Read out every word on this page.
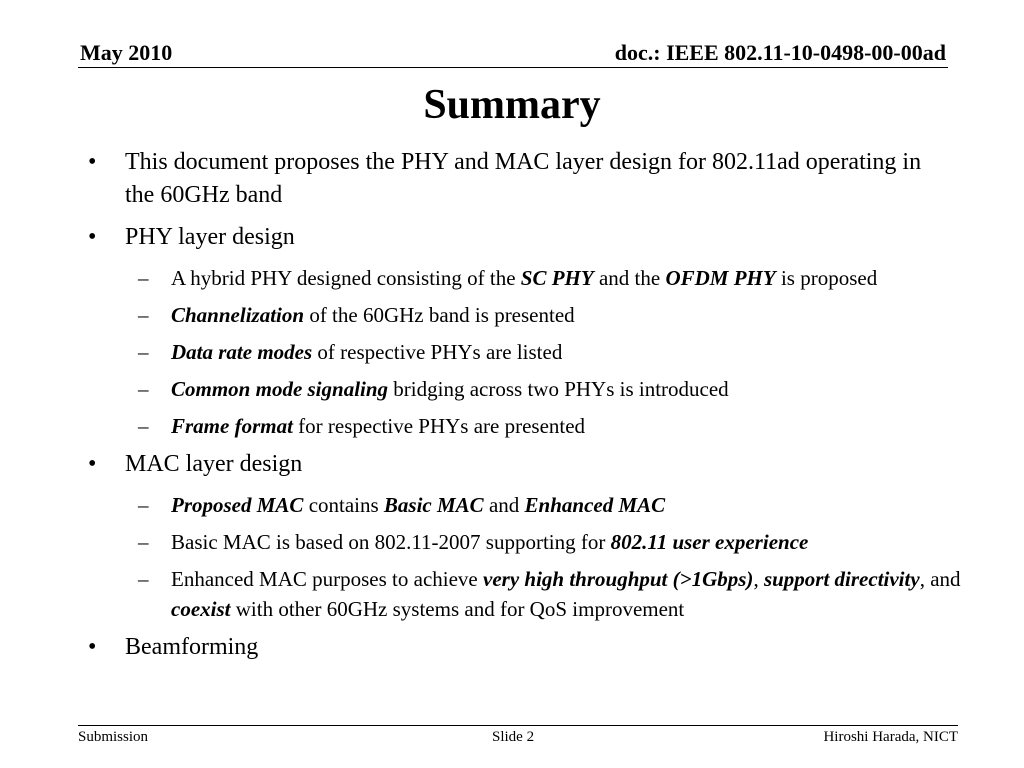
May 2010	doc.: IEEE 802.11-10-0498-00-00ad
Summary
• This document proposes the PHY and MAC layer design for 802.11ad operating in the 60GHz band
• PHY layer design
– A hybrid PHY designed consisting of the SC PHY and the OFDM PHY is proposed
– Channelization of the 60GHz band is presented
– Data rate modes of respective PHYs are listed
– Common mode signaling bridging across two PHYs is introduced
– Frame format for respective PHYs are presented
• MAC layer design
– Proposed MAC contains Basic MAC and Enhanced MAC
– Basic MAC is based on 802.11-2007 supporting for 802.11 user experience
– Enhanced MAC purposes to achieve very high throughput (>1Gbps), support directivity, and coexist with other 60GHz systems and for QoS improvement
• Beamforming
Submission	Slide 2	Hiroshi Harada, NICT
